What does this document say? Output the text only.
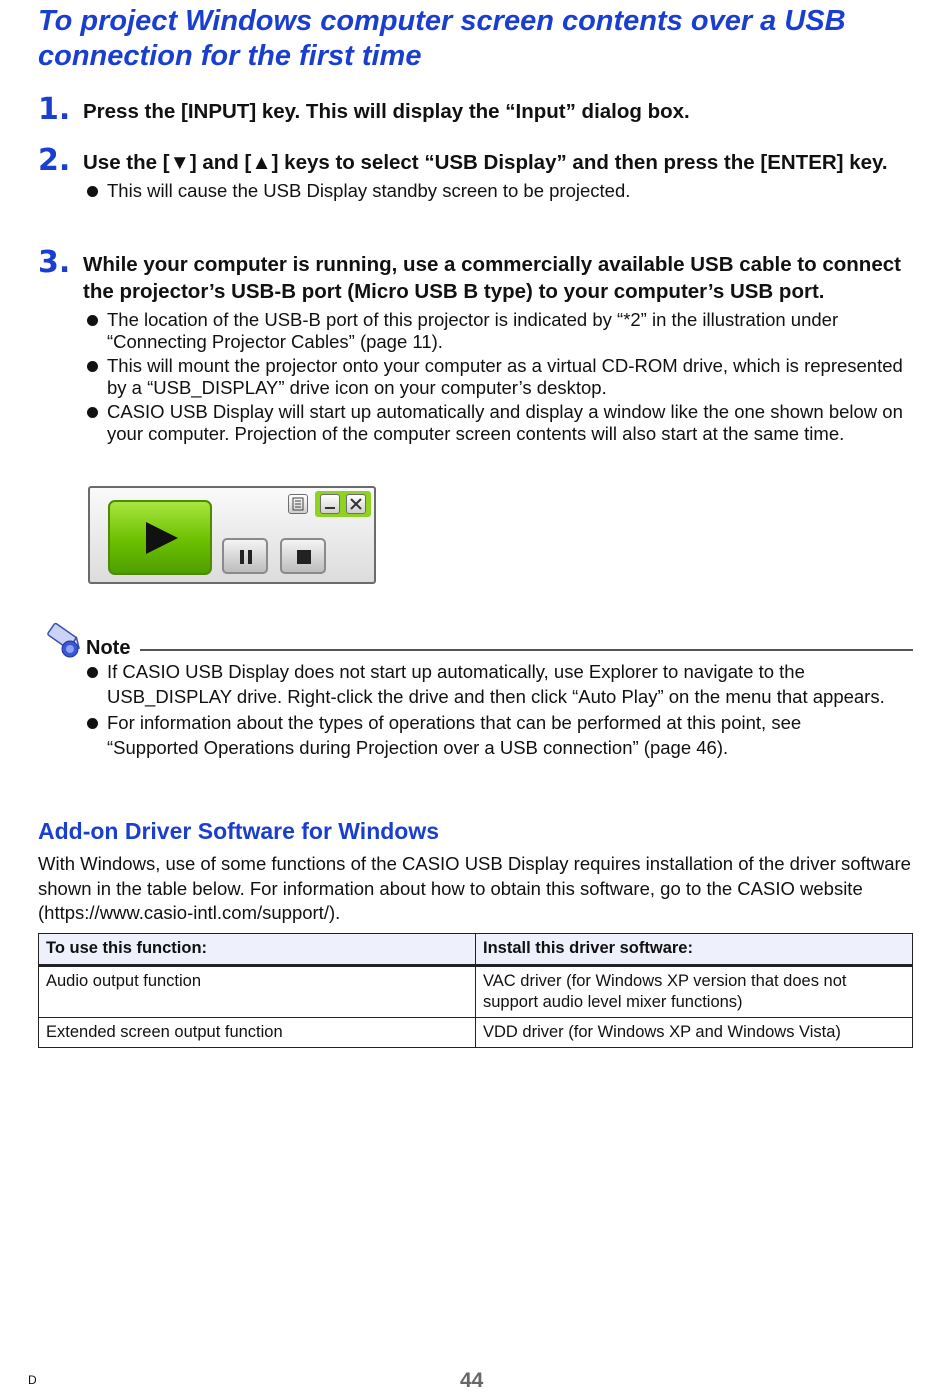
To project Windows computer screen contents over a USB connection for the first time
1. Press the [INPUT] key. This will display the “Input” dialog box.
2. Use the [▼] and [▲] keys to select “USB Display” and then press the [ENTER] key.
This will cause the USB Display standby screen to be projected.
3. While your computer is running, use a commercially available USB cable to connect the projector’s USB-B port (Micro USB B type) to your computer’s USB port.
The location of the USB-B port of this projector is indicated by “*2” in the illustration under “Connecting Projector Cables” (page 11).
This will mount the projector onto your computer as a virtual CD-ROM drive, which is represented by a “USB_DISPLAY” drive icon on your computer’s desktop.
CASIO USB Display will start up automatically and display a window like the one shown below on your computer. Projection of the computer screen contents will also start at the same time.
Note
If CASIO USB Display does not start up automatically, use Explorer to navigate to the USB_DISPLAY drive. Right-click the drive and then click “Auto Play” on the menu that appears.
For information about the types of operations that can be performed at this point, see “Supported Operations during Projection over a USB connection” (page 46).
Add-on Driver Software for Windows

With Windows, use of some functions of the CASIO USB Display requires installation of the driver software shown in the table below. For information about how to obtain this software, go to the CASIO website (https://www.casio-intl.com/support/).

To use this function:	Install this driver software:
Audio output function	VAC driver (for Windows XP version that does not support audio level mixer functions)
Extended screen output function	VDD driver (for Windows XP and Windows Vista)
D	44
